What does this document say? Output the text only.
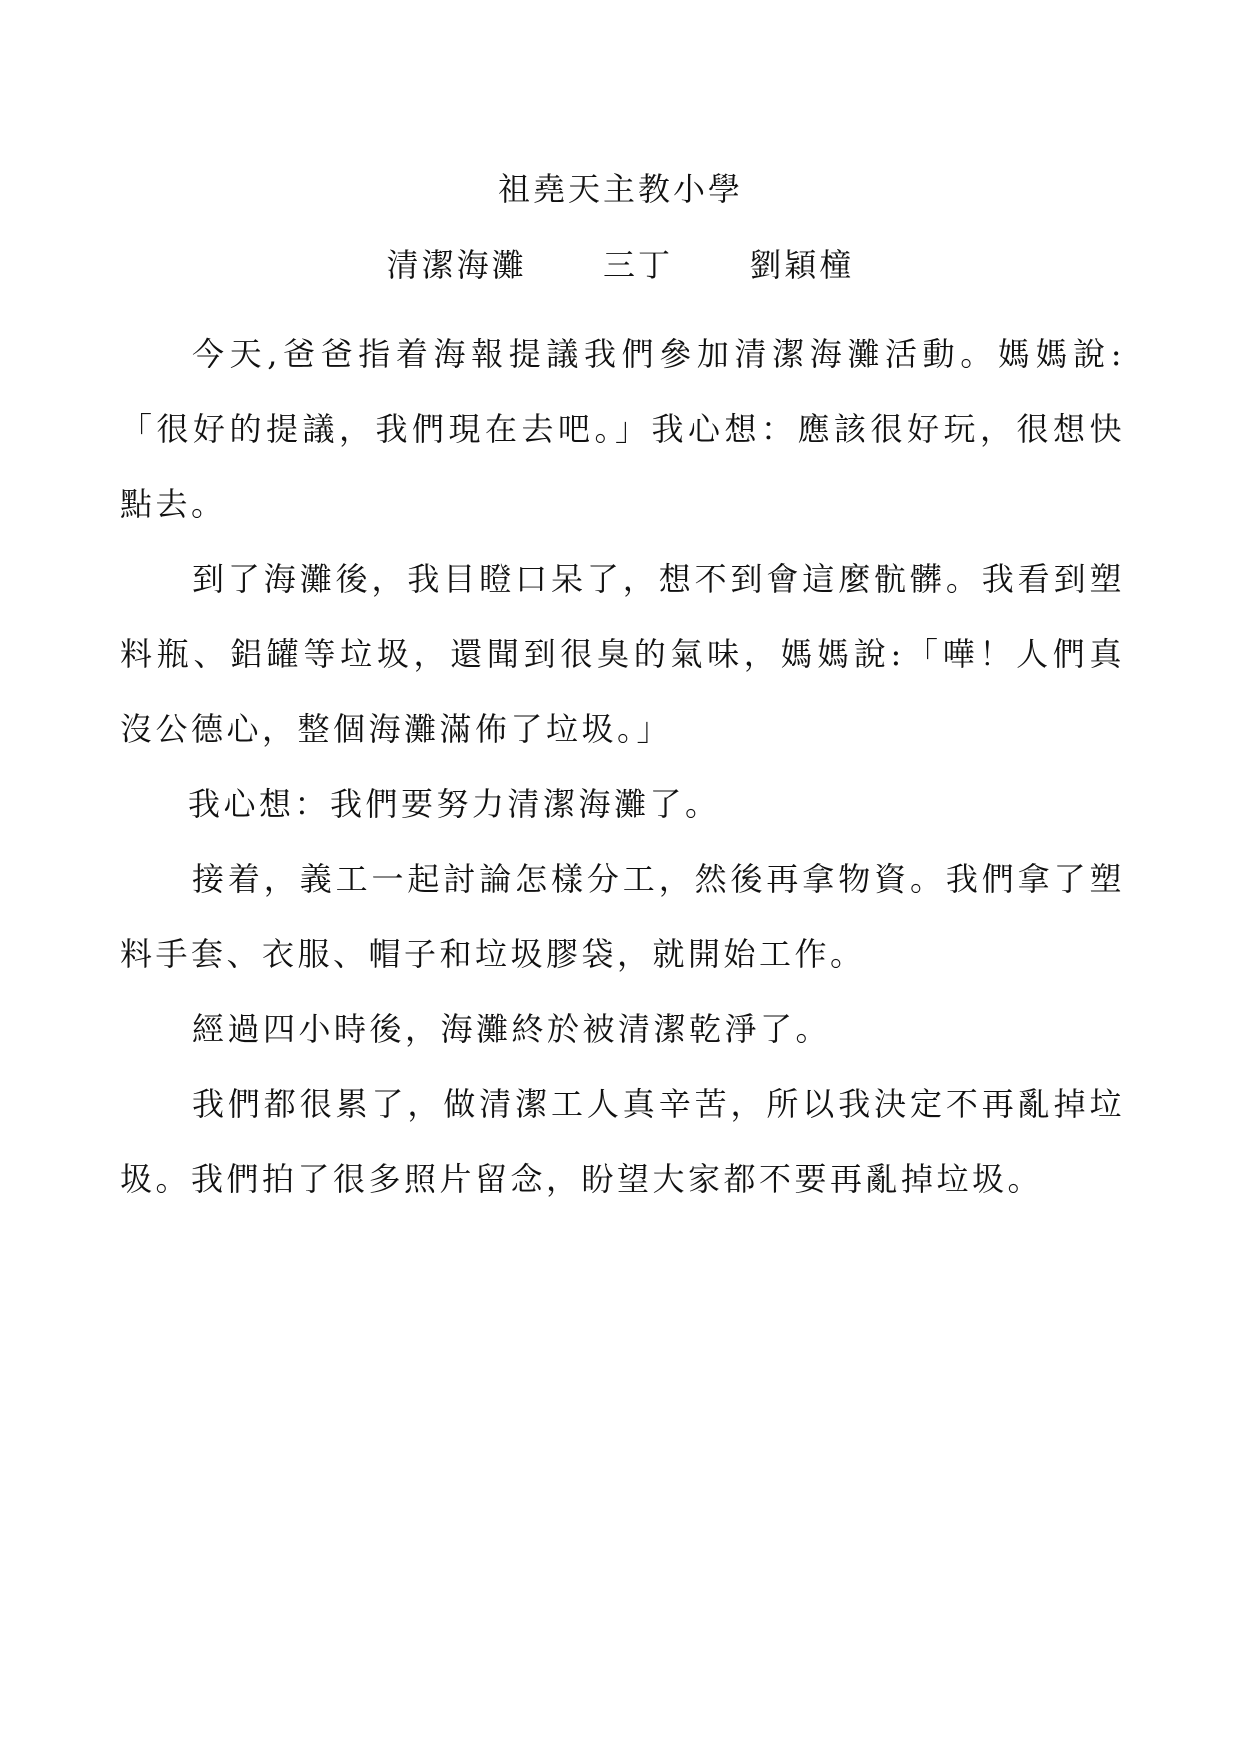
祖堯天主教小學
清潔海灘 三丁 劉穎橦

今天,爸爸指着海報提議我們參加清潔海灘活動。媽媽說:「很好的提議，我們現在去吧。」我心想：應該很好玩，很想快點去。

到了海灘後，我目瞪口呆了，想不到會這麼骯髒。我看到塑料瓶、鋁罐等垃圾，還聞到很臭的氣味，媽媽說:「嘩！人們真沒公德心，整個海灘滿佈了垃圾。」

我心想：我們要努力清潔海灘了。

接着，義工一起討論怎樣分工，然後再拿物資。我們拿了塑料手套、衣服、帽子和垃圾膠袋，就開始工作。

經過四小時後，海灘終於被清潔乾淨了。

我們都很累了，做清潔工人真辛苦，所以我決定不再亂掉垃圾。我們拍了很多照片留念，盼望大家都不要再亂掉垃圾。
